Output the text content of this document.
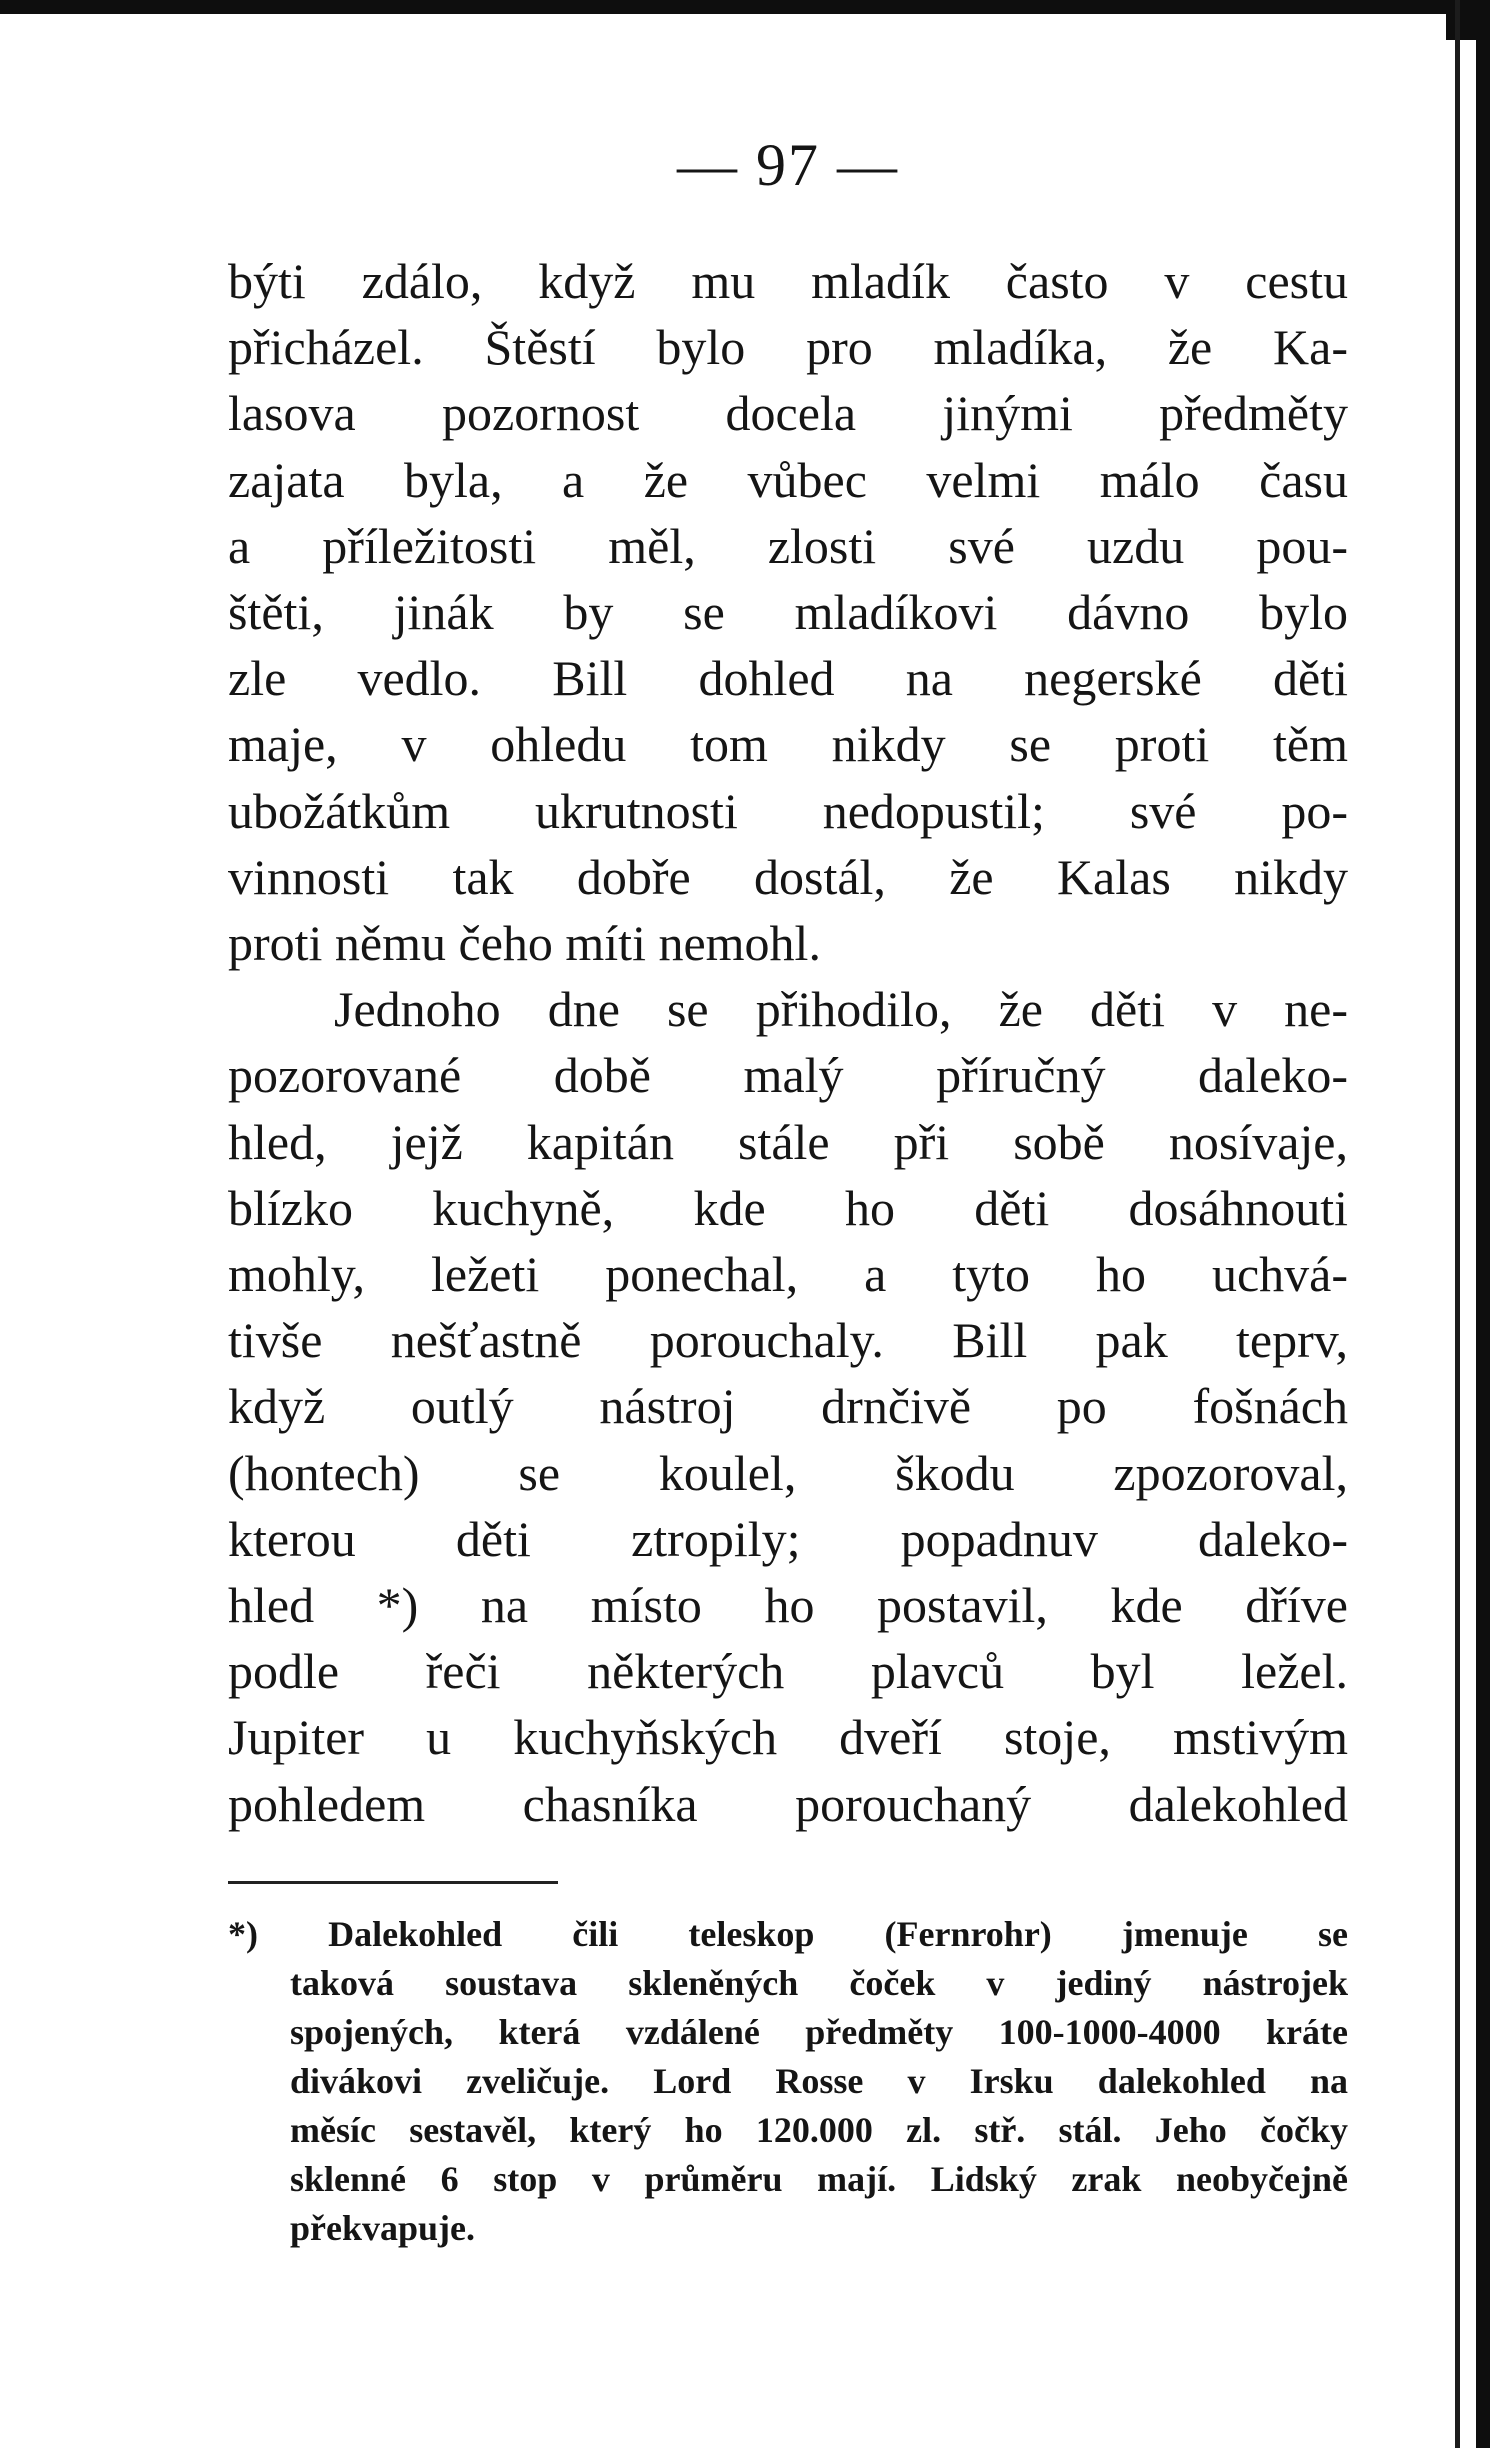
— 97 —
býti zdálo, když mu mladík často v cestu
přicházel. Štěstí bylo pro mladíka, že Ka-
lasova pozornost docela jinými předměty
zajata byla, a že vůbec velmi málo času
a příležitosti měl, zlosti své uzdu pou-
štěti, jinák by se mladíkovi dávno bylo
zle vedlo. Bill dohled na negerské děti
maje, v ohledu tom nikdy se proti těm
ubožátkům ukrutnosti nedopustil; své po-
vinnosti tak dobře dostál, že Kalas nikdy
proti němu čeho míti nemohl.
Jednoho dne se přihodilo, že děti v ne-
pozorované době malý příručný daleko-
hled, jejž kapitán stále při sobě nosívaje,
blízko kuchyně, kde ho děti dosáhnouti
mohly, ležeti ponechal, a tyto ho uchvá-
tivše nešťastně porouchaly. Bill pak teprv,
když outlý nástroj drnčivě po fošnách
(hontech) se koulel, škodu zpozoroval,
kterou děti ztropily; popadnuv daleko-
hled *) na místo ho postavil, kde dříve
podle řeči některých plavců byl ležel.
Jupiter u kuchyňských dveří stoje, mstivým
pohledem chasníka porouchaný dalekohled
*) Dalekohled čili teleskop (Fernrohr) jmenuje se
taková soustava skleněných čoček v jediný nástrojek
spojených, která vzdálené předměty 100-1000-4000 kráte
divákovi zveličuje. Lord Rosse v Irsku dalekohled na
měsíc sestavěl, který ho 120.000 zl. stř. stál. Jeho čočky
sklenné 6 stop v průměru mají. Lidský zrak neobyčejně
překvapuje.
